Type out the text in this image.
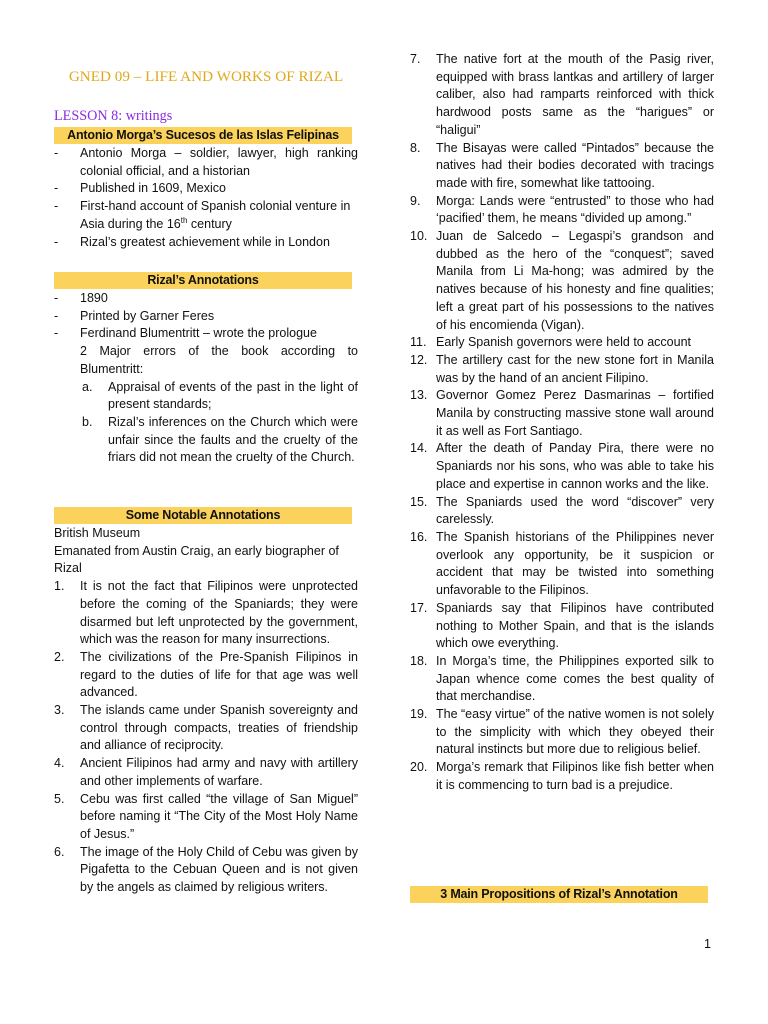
GNED 09 – LIFE AND WORKS OF RIZAL
LESSON 8: writings
Antonio Morga’s Sucesos de las Islas Felipinas
- Antonio Morga – soldier, lawyer, high ranking colonial official, and a historian
- Published in 1609, Mexico
- First-hand account of Spanish colonial venture in Asia during the 16th century
- Rizal’s greatest achievement while in London
Rizal’s Annotations
- 1890
- Printed by Garner Feres
- Ferdinand Blumentritt – wrote the prologue
2 Major errors of the book according to Blumentritt:
a. Appraisal of events of the past in the light of present standards;
b. Rizal’s inferences on the Church which were unfair since the faults and the cruelty of the friars did not mean the cruelty of the Church.
Some Notable Annotations
British Museum
Emanated from Austin Craig, an early biographer of Rizal
1. It is not the fact that Filipinos were unprotected before the coming of the Spaniards; they were disarmed but left unprotected by the government, which was the reason for many insurrections.
2. The civilizations of the Pre-Spanish Filipinos in regard to the duties of life for that age was well advanced.
3. The islands came under Spanish sovereignty and control through compacts, treaties of friendship and alliance of reciprocity.
4. Ancient Filipinos had army and navy with artillery and other implements of warfare.
5. Cebu was first called “the village of San Miguel” before naming it “The City of the Most Holy Name of Jesus.”
6. The image of the Holy Child of Cebu was given by Pigafetta to the Cebuan Queen and is not given by the angels as claimed by religious writers.
7. The native fort at the mouth of the Pasig river, equipped with brass lantkas and artillery of larger caliber, also had ramparts reinforced with thick hardwood posts same as the “harigues” or “haligui”
8. The Bisayas were called “Pintados” because the natives had their bodies decorated with tracings made with fire, somewhat like tattooing.
9. Morga: Lands were “entrusted” to those who had ‘pacified’ them, he means “divided up among.”
10. Juan de Salcedo – Legaspi’s grandson and dubbed as the hero of the “conquest”; saved Manila from Li Ma-hong; was admired by the natives because of his honesty and fine qualities; left a great part of his possessions to the natives of his encomienda (Vigan).
11. Early Spanish governors were held to account
12. The artillery cast for the new stone fort in Manila was by the hand of an ancient Filipino.
13. Governor Gomez Perez Dasmarinas – fortified Manila by constructing massive stone wall around it as well as Fort Santiago.
14. After the death of Panday Pira, there were no Spaniards nor his sons, who was able to take his place and expertise in cannon works and the like.
15. The Spaniards used the word “discover” very carelessly.
16. The Spanish historians of the Philippines never overlook any opportunity, be it suspicion or accident that may be twisted into something unfavorable to the Filipinos.
17. Spaniards say that Filipinos have contributed nothing to Mother Spain, and that is the islands which owe everything.
18. In Morga’s time, the Philippines exported silk to Japan whence come comes the best quality of that merchandise.
19. The “easy virtue” of the native women is not solely to the simplicity with which they obeyed their natural instincts but more due to religious belief.
20. Morga’s remark that Filipinos like fish better when it is commencing to turn bad is a prejudice.
3 Main Propositions of Rizal’s Annotation
1
